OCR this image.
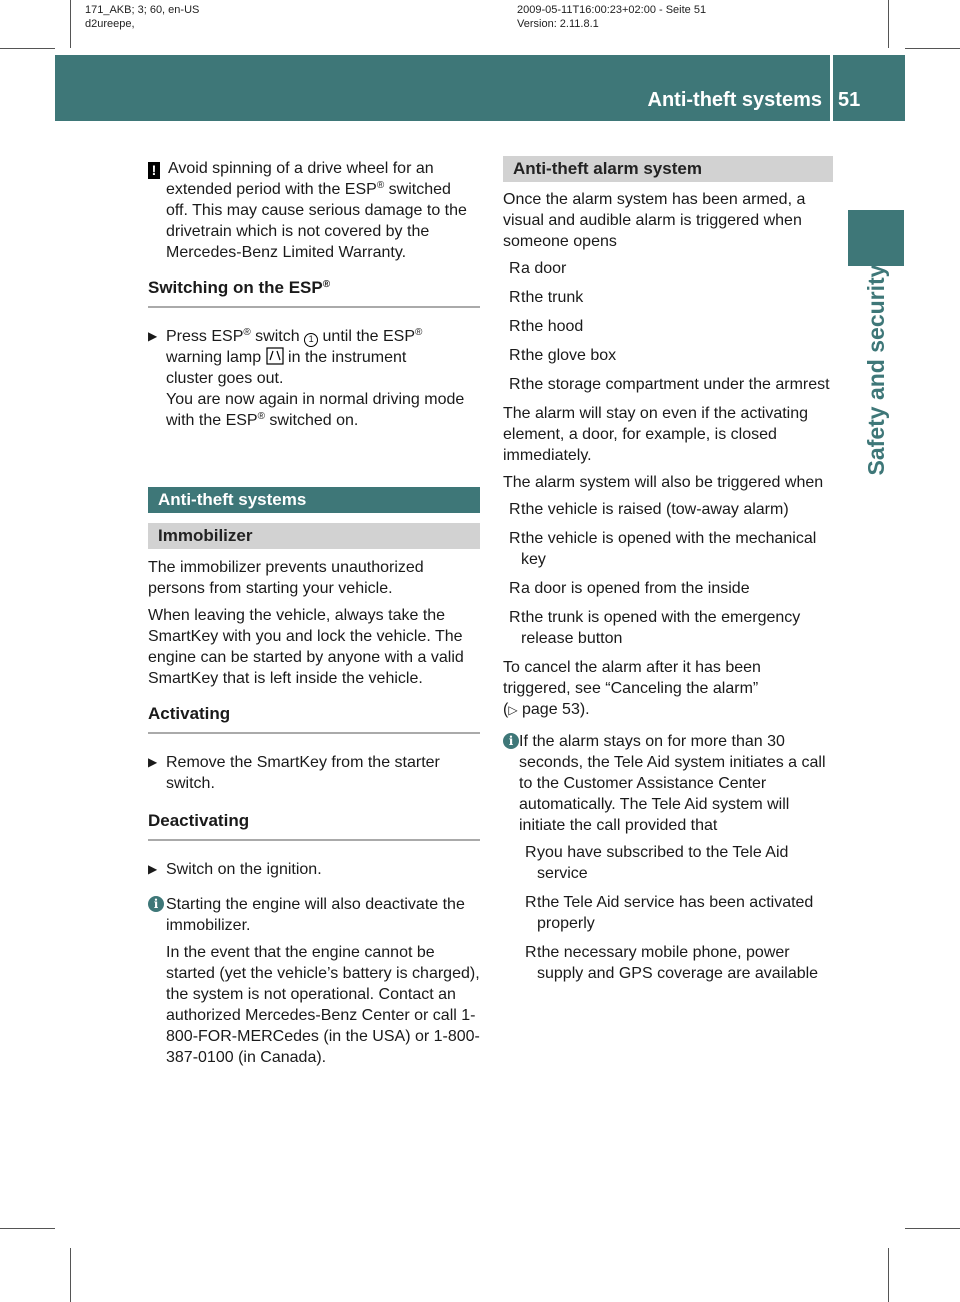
171_AKB; 3; 60, en-US
d2ureepe,
2009-05-11T16:00:23+02:00 - Seite 51
Version: 2.11.8.1
Anti-theft systems 51
Safety and security
! Avoid spinning of a drive wheel for an
extended period with the ESP® switched
off. This may cause serious damage to the
drivetrain which is not covered by the
Mercedes-Benz Limited Warranty.
Switching on the ESP®
▶ Press ESP® switch 1 until the ESP®
warning lamp  in the instrument
cluster goes out.
You are now again in normal driving mode
with the ESP® switched on.
Anti-theft systems
Immobilizer
The immobilizer prevents unauthorized persons from starting your vehicle.
When leaving the vehicle, always take the SmartKey with you and lock the vehicle. The engine can be started by anyone with a valid SmartKey that is left inside the vehicle.
Activating
▶ Remove the SmartKey from the starter switch.
Deactivating
▶ Switch on the ignition.
i Starting the engine will also deactivate the immobilizer.
In the event that the engine cannot be started (yet the vehicle’s battery is charged), the system is not operational. Contact an authorized Mercedes-Benz Center or call 1-800-FOR-MERCedes (in the USA) or 1-800-387-0100 (in Canada).
Anti-theft alarm system
Once the alarm system has been armed, a visual and audible alarm is triggered when someone opens
R a door
R the trunk
R the hood
R the glove box
R the storage compartment under the armrest
The alarm will stay on even if the activating element, a door, for example, is closed immediately.
The alarm system will also be triggered when
R the vehicle is raised (tow-away alarm)
R the vehicle is opened with the mechanical key
R a door is opened from the inside
R the trunk is opened with the emergency release button
To cancel the alarm after it has been
triggered, see “Canceling the alarm”
(▷ page 53).
i If the alarm stays on for more than 30 seconds, the Tele Aid system initiates a call to the Customer Assistance Center automatically. The Tele Aid system will initiate the call provided that
R you have subscribed to the Tele Aid service
R the Tele Aid service has been activated properly
R the necessary mobile phone, power supply and GPS coverage are available
